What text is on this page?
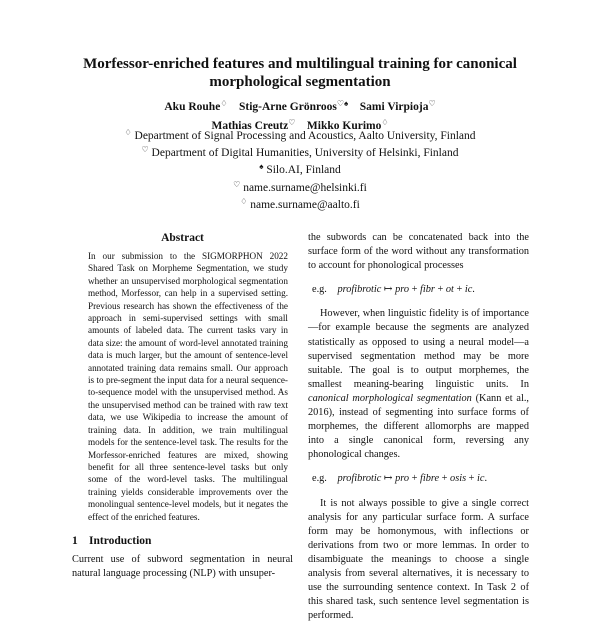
Morfessor-enriched features and multilingual training for canonical
morphological segmentation
Aku Rouhe♢ Stig-Arne Grönroos♡♠ Sami Virpioja♡
Mathias Creutz♡ Mikko Kurimo♢
♢ Department of Signal Processing and Acoustics, Aalto University, Finland
♡ Department of Digital Humanities, University of Helsinki, Finland
♠ Silo.AI, Finland
♡ name.surname@helsinki.fi
♢ name.surname@aalto.fi
Abstract

In our submission to the SIGMORPHON 2022 Shared Task on Morpheme Segmentation, we study whether an unsupervised morphological segmentation method, Morfessor, can help in a supervised setting. Previous research has shown the effectiveness of the approach in semi-supervised settings with small amounts of labeled data. The current tasks vary in data size: the amount of word-level annotated training data is much larger, but the amount of sentence-level annotated training data remains small. Our approach is to pre-segment the input data for a neural sequence-to-sequence model with the unsupervised method. As the unsupervised method can be trained with raw text data, we use Wikipedia to increase the amount of training data. In addition, we train multilingual models for the sentence-level task. The results for the Morfessor-enriched features are mixed, showing benefit for all three sentence-level tasks but only some of the word-level tasks. The multilingual training yields considerable improvements over the monolingual sentence-level models, but it negates the effect of the enriched features.

1 Introduction

Current use of subword segmentation in neural natural language processing (NLP) with unsuper-

the subwords can be concatenated back into the surface form of the word without any transformation to account for phonological processes

e.g. profibrotic ↦ pro + fibr + ot + ic.

However, when linguistic fidelity is of importance—for example because the segments are analyzed statistically as opposed to using a neural model—a supervised segmentation method may be more suitable. The goal is to output morphemes, the smallest meaning-bearing linguistic units. In canonical morphological segmentation (Kann et al., 2016), instead of segmenting into surface forms of morphemes, the different allomorphs are mapped into a single canonical form, reversing any phonological changes.

e.g. profibrotic ↦ pro + fibre + osis + ic.

It is not always possible to give a single correct analysis for any particular surface form. A surface form may be homonymous, with inflections or derivations from two or more lemmas. In order to disambiguate the meanings to choose a single analysis from several alternatives, it is necessary to use the surrounding sentence context. In Task 2 of this shared task, such sentence level segmentation is performed.
